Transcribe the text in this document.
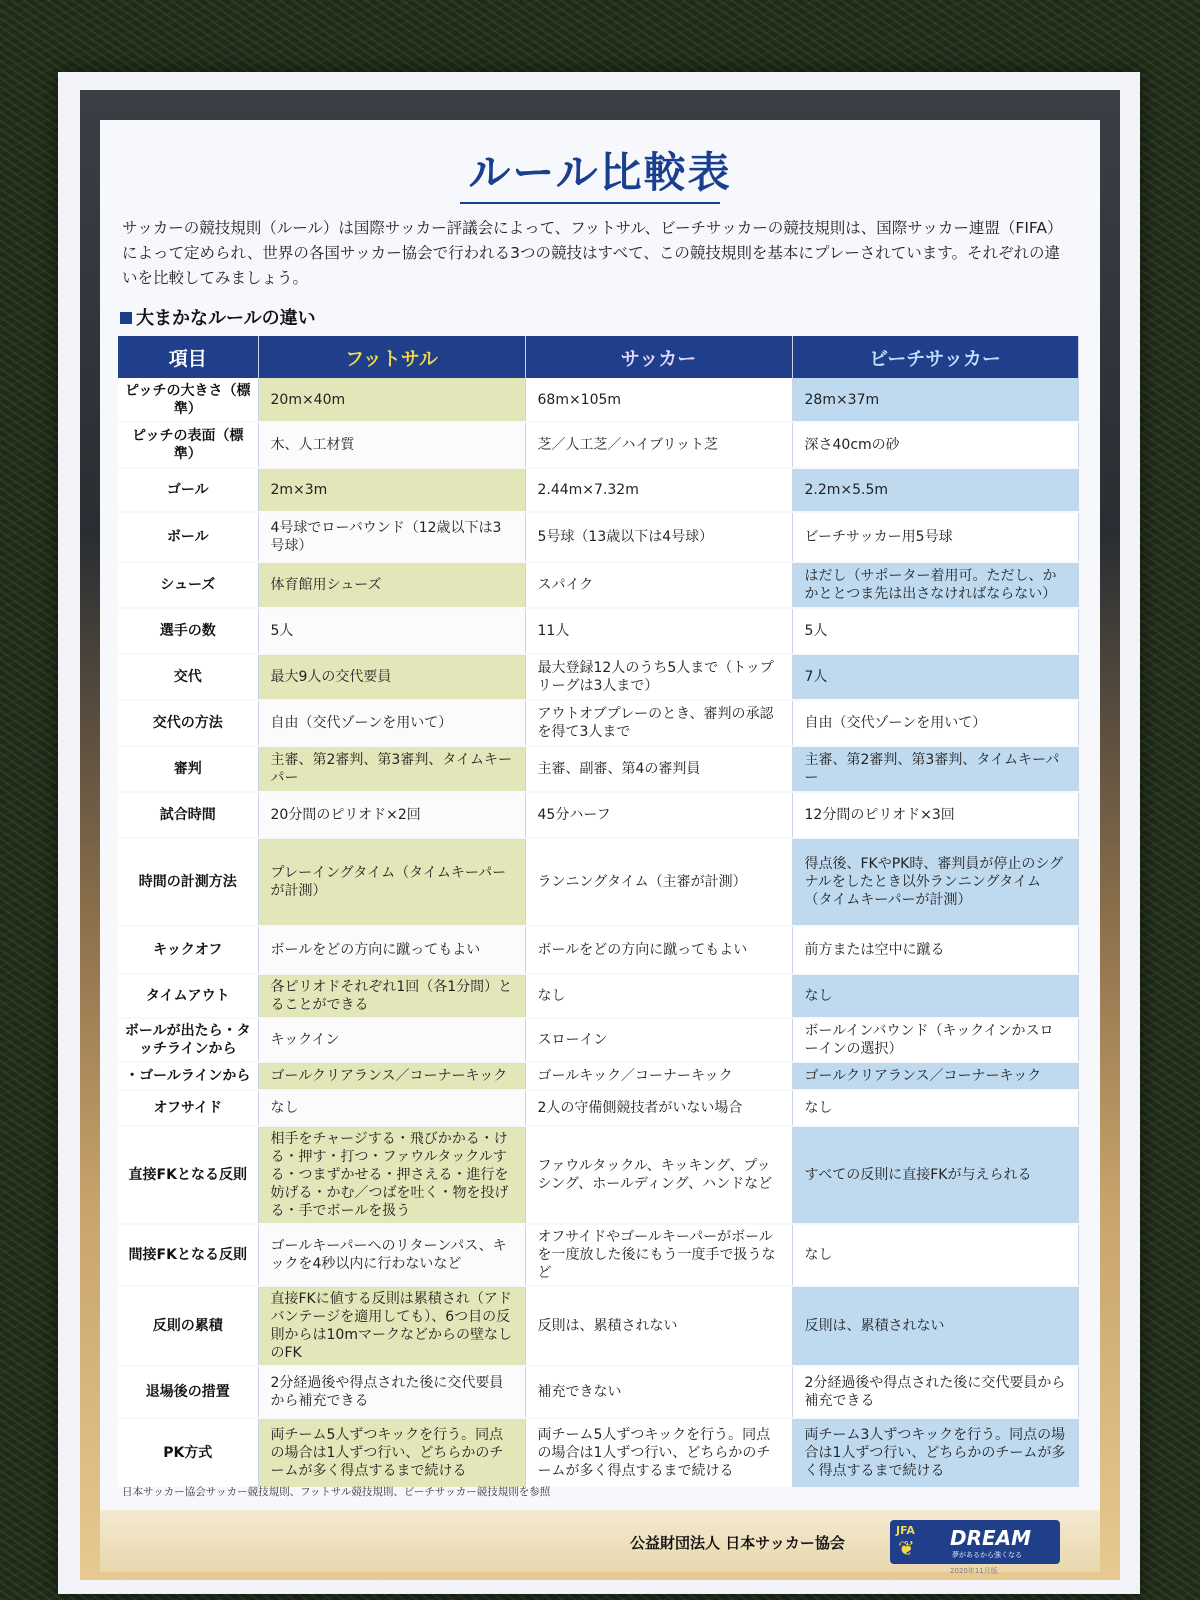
ルール比較表

サッカーの競技規則（ルール）は国際サッカー評議会によって、フットサル、ビーチサッカーの競技規則は、国際サッカー連盟（FIFA）によって定められ、世界の各国サッカー協会で行われる3つの競技はすべて、この競技規則を基本にプレーされています。それぞれの違いを比較してみましょう。

大まかなルールの違い
項目	フットサル	サッカー	ビーチサッカー
ピッチの大きさ（標準）	20m×40m	68m×105m	28m×37m
ピッチの表面（標準）	木、人工材質	芝／人工芝／ハイブリット芝	深さ40cmの砂
ゴール	2m×3m	2.44m×7.32m	2.2m×5.5m
ボール	4号球でローバウンド（12歳以下は3号球）	5号球（13歳以下は4号球）	ビーチサッカー用5号球
シューズ	体育館用シューズ	スパイク	はだし（サポーター着用可。ただし、かかととつま先は出さなければならない）
選手の数	5人	11人	5人
交代	最大9人の交代要員	最大登録12人のうち5人まで（トップリーグは3人まで）	7人
交代の方法	自由（交代ゾーンを用いて）	アウトオブプレーのとき、審判の承認を得て3人まで	自由（交代ゾーンを用いて）
審判	主審、第2審判、第3審判、タイムキーパー	主審、副審、第4の審判員	主審、第2審判、第3審判、タイムキーパー
試合時間	20分間のピリオド×2回	45分ハーフ	12分間のピリオド×3回
時間の計測方法	プレーイングタイム（タイムキーパーが計測）	ランニングタイム（主審が計測）	得点後、FKやPK時、審判員が停止のシグナルをしたとき以外ランニングタイム（タイムキーパーが計測）
キックオフ	ボールをどの方向に蹴ってもよい	ボールをどの方向に蹴ってもよい	前方または空中に蹴る
タイムアウト	各ピリオドそれぞれ1回（各1分間）とることができる	なし	なし
ボールが出たら・タッチラインから	キックイン	スローイン	ボールインバウンド（キックインかスローインの選択）
・ゴールラインから	ゴールクリアランス／コーナーキック	ゴールキック／コーナーキック	ゴールクリアランス／コーナーキック
オフサイド	なし	2人の守備側競技者がいない場合	なし
直接FKとなる反則	相手をチャージする・飛びかかる・ける・押す・打つ・ファウルタックルする・つまずかせる・押さえる・進行を妨げる・かむ／つばを吐く・物を投げる・手でボールを扱う	ファウルタックル、キッキング、プッシング、ホールディング、ハンドなど	すべての反則に直接FKが与えられる
間接FKとなる反則	ゴールキーパーへのリターンパス、キックを4秒以内に行わないなど	オフサイドやゴールキーパーがボールを一度放した後にもう一度手で扱うなど	なし
反則の累積	直接FKに値する反則は累積され（アドバンテージを適用しても）、6つ目の反則からは10mマークなどからの壁なしのFK	反則は、累積されない	反則は、累積されない
退場後の措置	2分経過後や得点された後に交代要員から補充できる	補充できない	2分経過後や得点された後に交代要員から補充できる
PK方式	両チーム5人ずつキックを行う。同点の場合は1人ずつ行い、どちらかのチームが多く得点するまで続ける	両チーム5人ずつキックを行う。同点の場合は1人ずつ行い、どちらかのチームが多く得点するまで続ける	両チーム3人ずつキックを行う。同点の場合は1人ずつ行い、どちらかのチームが多く得点するまで続ける
日本サッカー協会サッカー競技規則、フットサル競技規則、ビーチサッカー競技規則を参照
公益財団法人 日本サッカー協会
JFA
❦ DREAM
夢があるから強くなる
2020年11月版
